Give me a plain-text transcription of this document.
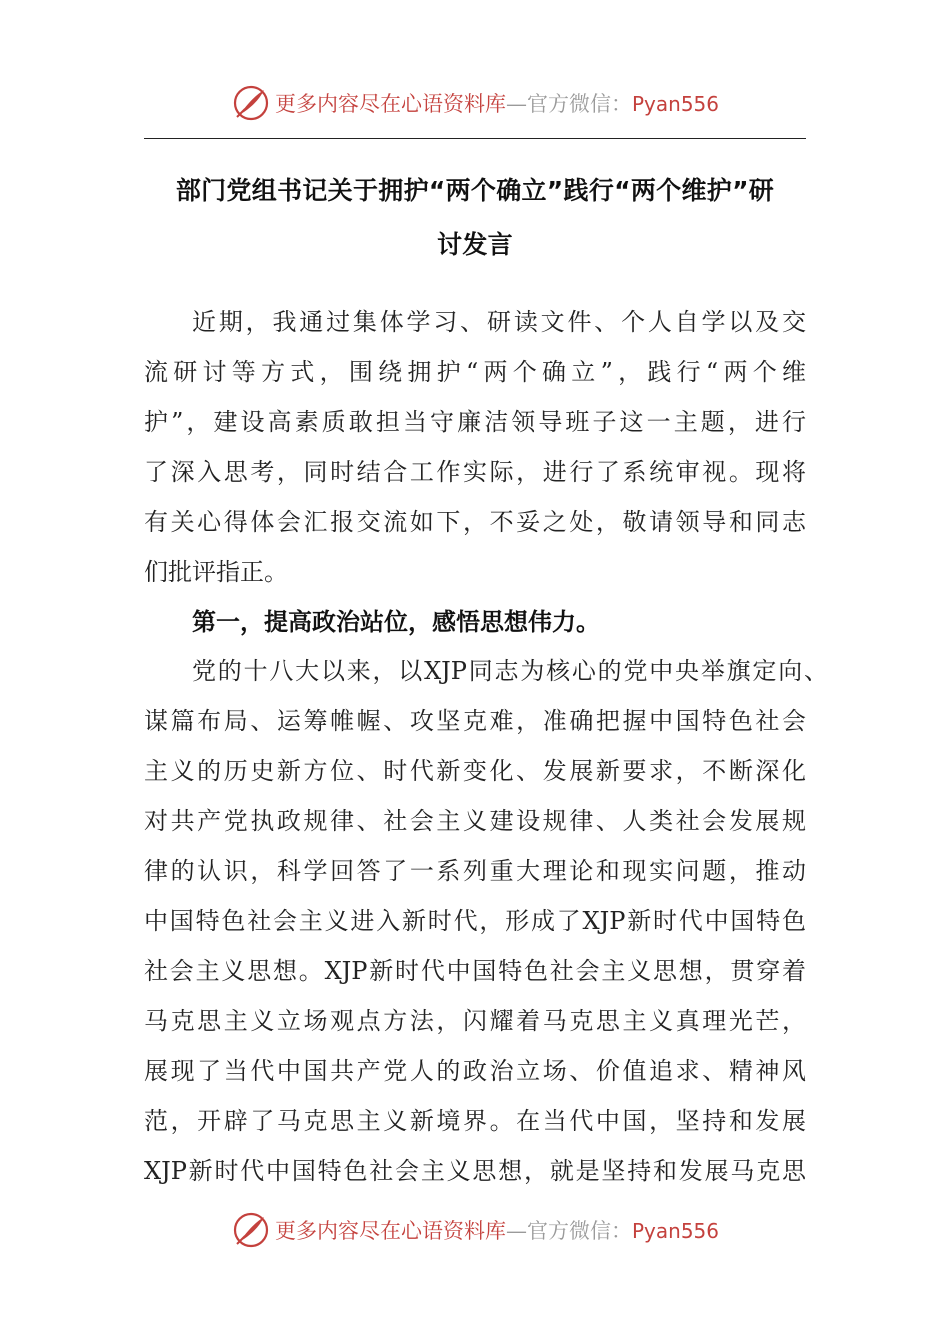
更多内容尽在心语资料库—官方微信：Pyan556
部门党组书记关于拥护“两个确立”践行“两个维护”研
讨发言
近期，我通过集体学习、研读文件、个人自学以及交
流研讨等方式，围绕拥护“两个确立”，践行“两个维
护”，建设高素质敢担当守廉洁领导班子这一主题，进行
了深入思考，同时结合工作实际，进行了系统审视。现将
有关心得体会汇报交流如下，不妥之处，敬请领导和同志
们批评指正。
第一，提高政治站位，感悟思想伟力。
党的十八大以来，以XJP同志为核心的党中央举旗定向、
谋篇布局、运筹帷幄、攻坚克难，准确把握中国特色社会
主义的历史新方位、时代新变化、发展新要求，不断深化
对共产党执政规律、社会主义建设规律、人类社会发展规
律的认识，科学回答了一系列重大理论和现实问题，推动
中国特色社会主义进入新时代，形成了XJP新时代中国特色
社会主义思想。XJP新时代中国特色社会主义思想，贯穿着
马克思主义立场观点方法，闪耀着马克思主义真理光芒，
展现了当代中国共产党人的政治立场、价值追求、精神风
范，开辟了马克思主义新境界。在当代中国，坚持和发展
XJP新时代中国特色社会主义思想，就是坚持和发展马克思
更多内容尽在心语资料库—官方微信：Pyan556
